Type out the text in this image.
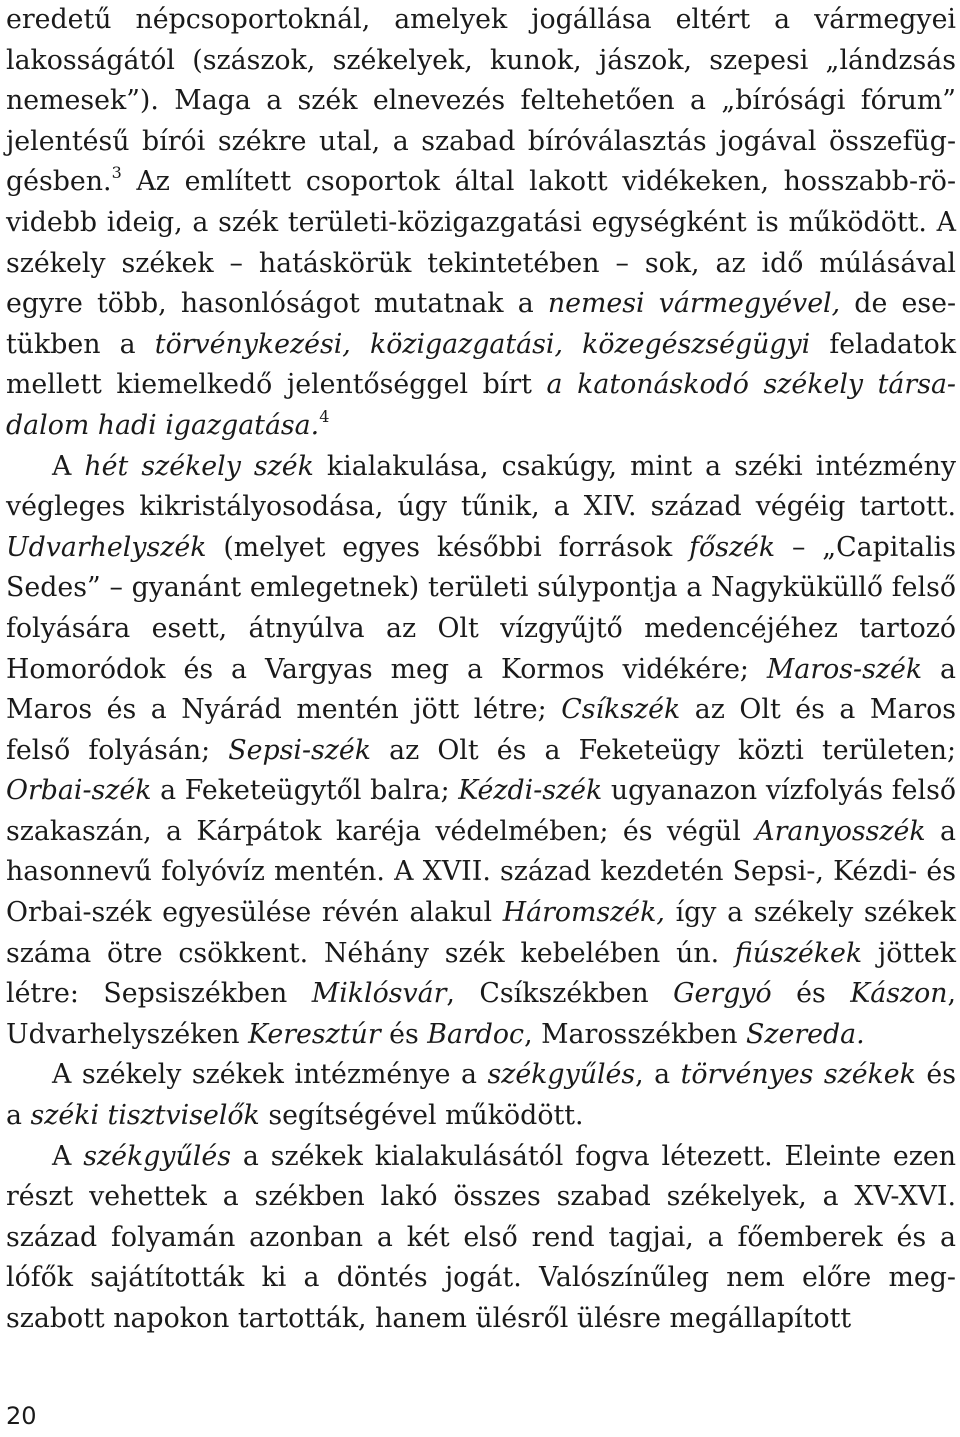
eredetű népcsoportoknál, amelyek jogállása eltért a vármegyei lakosságától (szászok, székelyek, kunok, jászok, szepesi „lándzsás nemesek”). Maga a szék elnevezés feltehetően a „bírósági fórum” jelentésű bírói székre utal, a szabad bíróválasztás jogával összefüg-gésben.$^3$ Az említett csoportok által lakott vidékeken, hosszabb-rö-videbb ideig, a szék területi-közigazgatási egységként is működött. A székely székek – hatáskörük tekintetében – sok, az idő múlásával egyre több, hasonlóságot mutatnak a nemesi vármegyével, de ese-tükben a törvénykezési, közigazgatási, közegészségügyi feladatok mellett kiemelkedő jelentőséggel bírt a katonáskodó székely társa-dalom hadi igazgatása.$^4$

A hét székely szék kialakulása, csakúgy, mint a széki intézmény végleges kikristályosodása, úgy tűnik, a XIV. század végéig tartott. Udvarhelyszék (melyet egyes későbbi források főszék – „Capitalis Sedes” – gyanánt emlegetnek) területi súlypontja a Nagyküküllő felső folyására esett, átnyúlva az Olt vízgyűjtő medencéjéhez tartozó Homoródok és a Vargyas meg a Kormos vidékére; Maros-szék a Maros és a Nyárád mentén jött létre; Csíkszék az Olt és a Maros felső folyásán; Sepsi-szék az Olt és a Feketeügy közti területen; Orbai-szék a Feketeügytől balra; Kézdi-szék ugyanazon vízfolyás felső szakaszán, a Kárpátok karéja védelmében; és végül Aranyosszék a hasonnevű folyóvíz mentén. A XVII. század kezdetén Sepsi-, Kézdi- és Orbai-szék egyesülése révén alakul Háromszék, így a székely székek száma ötre csökkent. Néhány szék kebelében ún. fiúszékek jöttek létre: Sepsiszékben Miklósvár, Csíkszékben Gergyó és Kászon, Udvarhelyszéken Keresztúr és Bardoc, Marosszékben Szereda.

A székely székek intézménye a székgyűlés, a törvényes székek és a széki tisztviselők segítségével működött.

A székgyűlés a székek kialakulásától fogva létezett. Eleinte ezen részt vehettek a székben lakó összes szabad székelyek, a XV-XVI. század folyamán azonban a két első rend tagjai, a főemberek és a lófők sajátították ki a döntés jogát. Valószínűleg nem előre meg-szabott napokon tartották, hanem ülésről ülésre megállapított

20
